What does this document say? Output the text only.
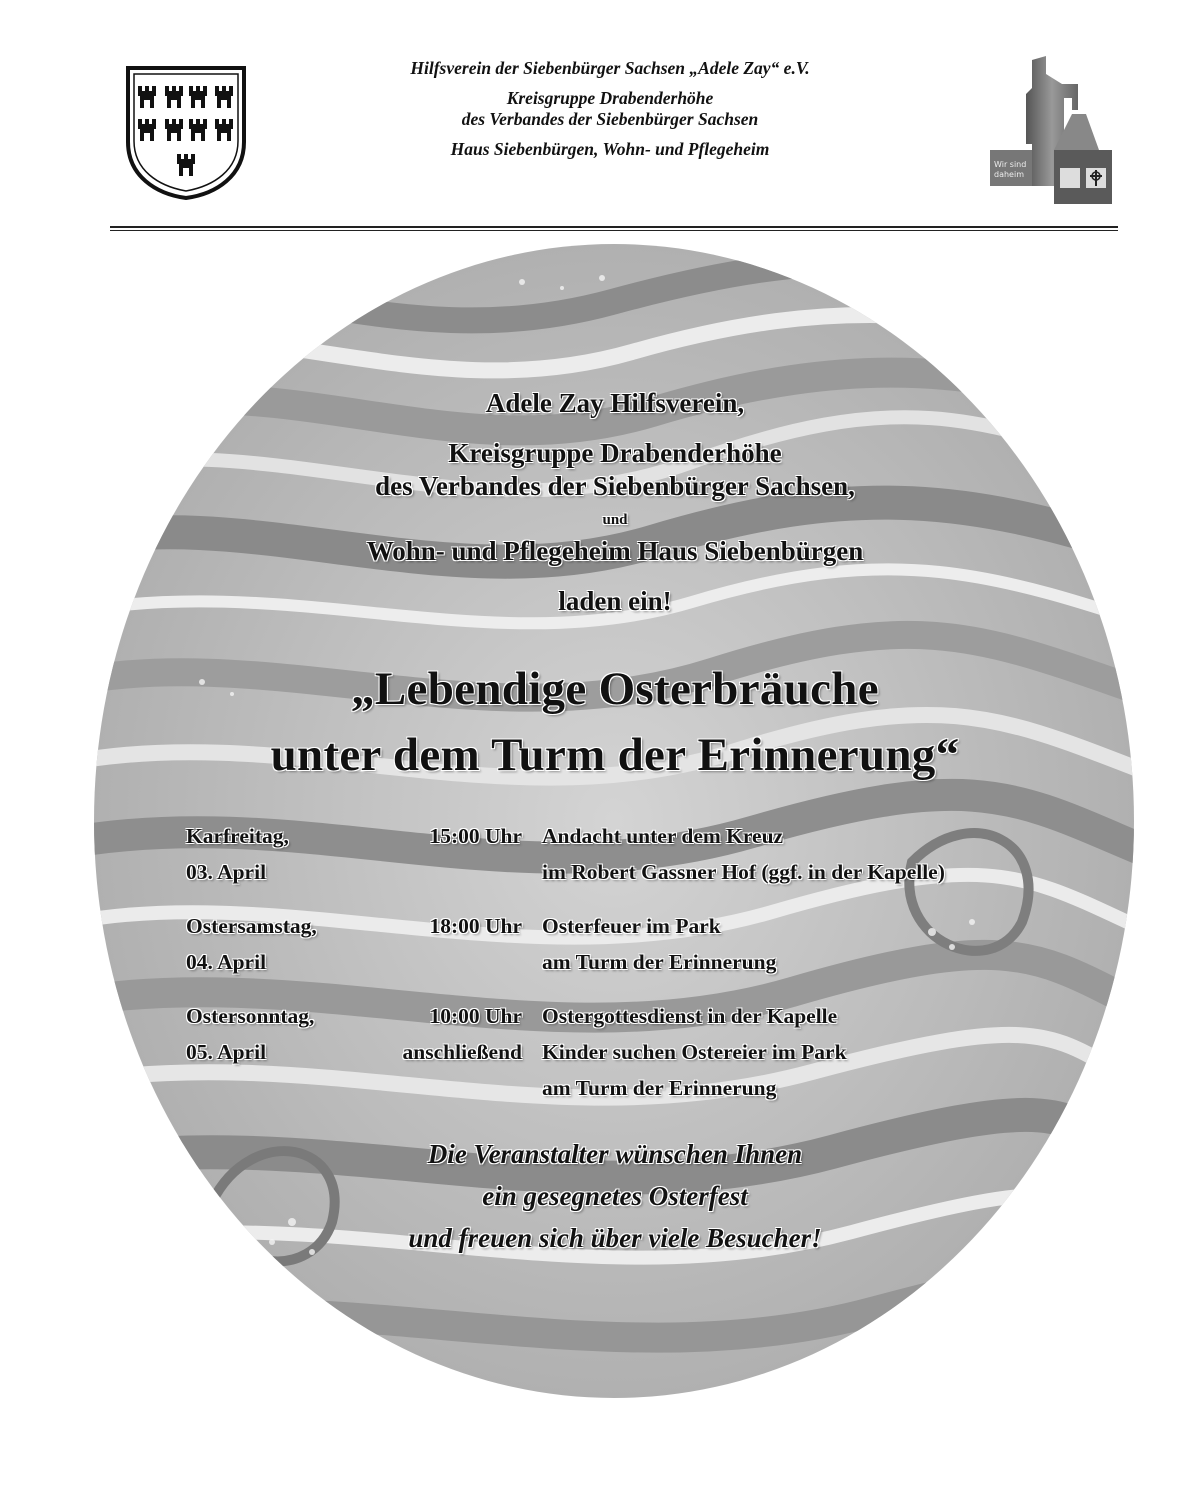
Hilfsverein der Siebenbürger Sachsen „Adele Zay“ e.V.
Kreisgruppe Drabenderhöhe
des Verbandes der Siebenbürger Sachsen
Haus Siebenbürgen, Wohn- und Pflegeheim
Wir sind daheim
Adele Zay Hilfsverein,
Kreisgruppe Drabenderhöhe
des Verbandes der Siebenbürger Sachsen,
und
Wohn- und Pflegeheim Haus Siebenbürgen
laden ein!
„Lebendige Osterbräuche
unter dem Turm der Erinnerung“
Karfreitag,	15:00 Uhr Andacht unter dem Kreuz
03. April	im Robert Gassner Hof (ggf. in der Kapelle)
Ostersamstag,	18:00 Uhr Osterfeuer im Park
04. April	am Turm der Erinnerung
Ostersonntag,	10:00 Uhr Ostergottesdienst in der Kapelle
05. April	anschließend Kinder suchen Ostereier im Park
am Turm der Erinnerung
Die Veranstalter wünschen Ihnen
ein gesegnetes Osterfest
und freuen sich über viele Besucher!
